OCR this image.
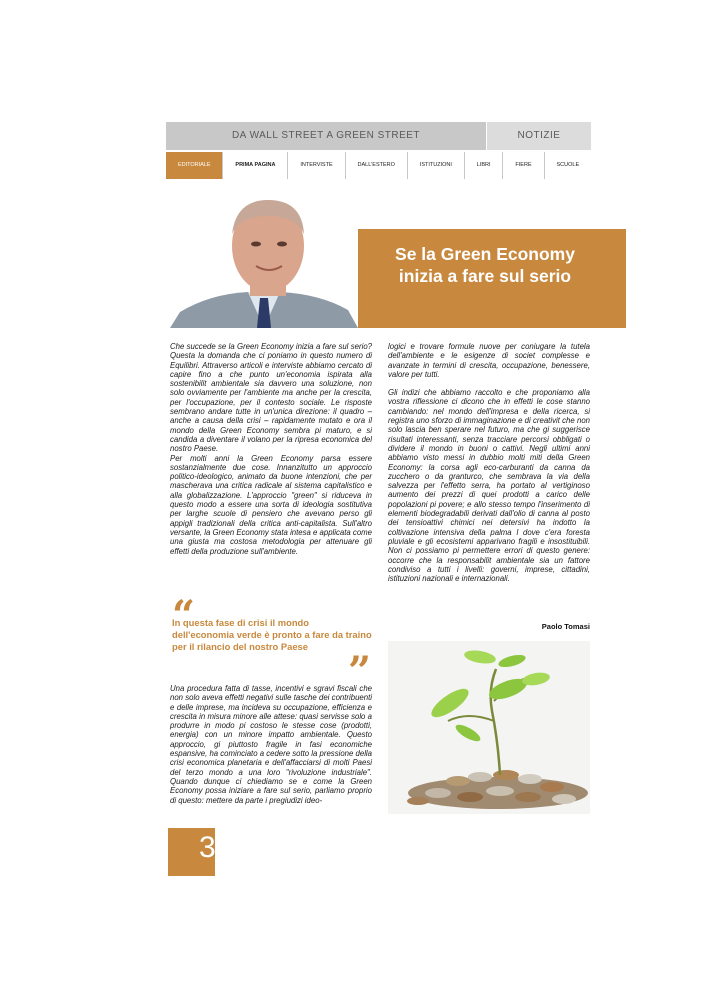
DA WALL STREET A GREEN STREET	NOTIZIE
EDITORIALE	PRIMA PAGINA	INTERVISTE	DALL'ESTERO	ISTITUZIONI	LIBRI	FIERE	SCUOLE
Se la Green Economy
inizia a fare sul serio

Che succede se la Green Economy inizia a fare sul serio? Questa la domanda che ci poniamo in questo numero di Equilibri. Attraverso articoli e interviste abbiamo cercato di capire fino a che punto un'economia ispirata alla sostenibilit ambientale sia davvero una soluzione, non solo ovviamente per l'ambiente ma anche per la crescita, per l'occupazione, per il contesto sociale. Le risposte sembrano andare tutte in un'unica direzione: il quadro – anche a causa della crisi – rapidamente mutato e ora il mondo della Green Economy sembra pi maturo, e si candida a diventare il volano per la ripresa economica del nostro Paese.

Per molti anni la Green Economy parsa essere sostanzialmente due cose. Innanzitutto un approccio politico-ideologico, animato da buone intenzioni, che per mascherava una critica radicale al sistema capitalistico e alla globalizzazione. L'approccio "green" si riduceva in questo modo a essere una sorta di ideologia sostitutiva per larghe scuole di pensiero che avevano perso gli appigli tradizionali della critica anti-capitalista. Sull'altro versante, la Green Economy stata intesa e applicata come una giusta ma costosa metodologia per attenuare gli effetti della produzione sull'ambiente.

“
In questa fase di crisi il mondo dell'economia verde è pronto a fare da traino per il rilancio del nostro Paese
”

Una procedura fatta di tasse, incentivi e sgravi fiscali che non solo aveva effetti negativi sulle tasche dei contribuenti e delle imprese, ma incideva su occupazione, efficienza e crescita in misura minore alle attese: quasi servisse solo a produrre in modo pi costoso le stesse cose (prodotti, energia) con un minore impatto ambientale. Questo approccio, gi piuttosto fragile in fasi economiche espansive, ha cominciato a cedere sotto la pressione della crisi economica planetaria e dell'affacciarsi di molti Paesi del terzo mondo a una loro "rivoluzione industriale". Quando dunque ci chiediamo se e come la Green Economy possa iniziare a fare sul serio, parliamo proprio di questo: mettere da parte i pregiudizi ideo-

logici e trovare formule nuove per coniugare la tutela dell'ambiente e le esigenze di societ complesse e avanzate in termini di crescita, occupazione, benessere, valore per tutti.

Gli indizi che abbiamo raccolto e che proponiamo alla vostra riflessione ci dicono che in effetti le cose stanno cambiando: nel mondo dell'impresa e della ricerca, si registra uno sforzo di immaginazione e di creativit che non solo lascia ben sperare nel futuro, ma che gi suggerisce risultati interessanti, senza tracciare percorsi obbligati o dividere il mondo in buoni o cattivi. Negli ultimi anni abbiamo visto messi in dubbio molti miti della Green Economy: la corsa agli eco-carburanti da canna da zucchero o da granturco, che sembrava la via della salvezza per l'effetto serra, ha portato al vertiginoso aumento dei prezzi di quei prodotti a carico delle popolazioni pi povere; e allo stesso tempo l'inserimento di elementi biodegradabili derivati dall'olio di canna al posto dei tensioattivi chimici nei detersivi ha indotto la coltivazione intensiva della palma l dove c'era foresta pluviale e gli ecosistemi apparivano fragili e insostituibili. Non ci possiamo pi permettere errori di questo genere: occorre che la responsabilit ambientale sia un fattore condiviso a tutti i livelli: governi, imprese, cittadini, istituzioni nazionali e internazionali.

Paolo Tomasi
3
